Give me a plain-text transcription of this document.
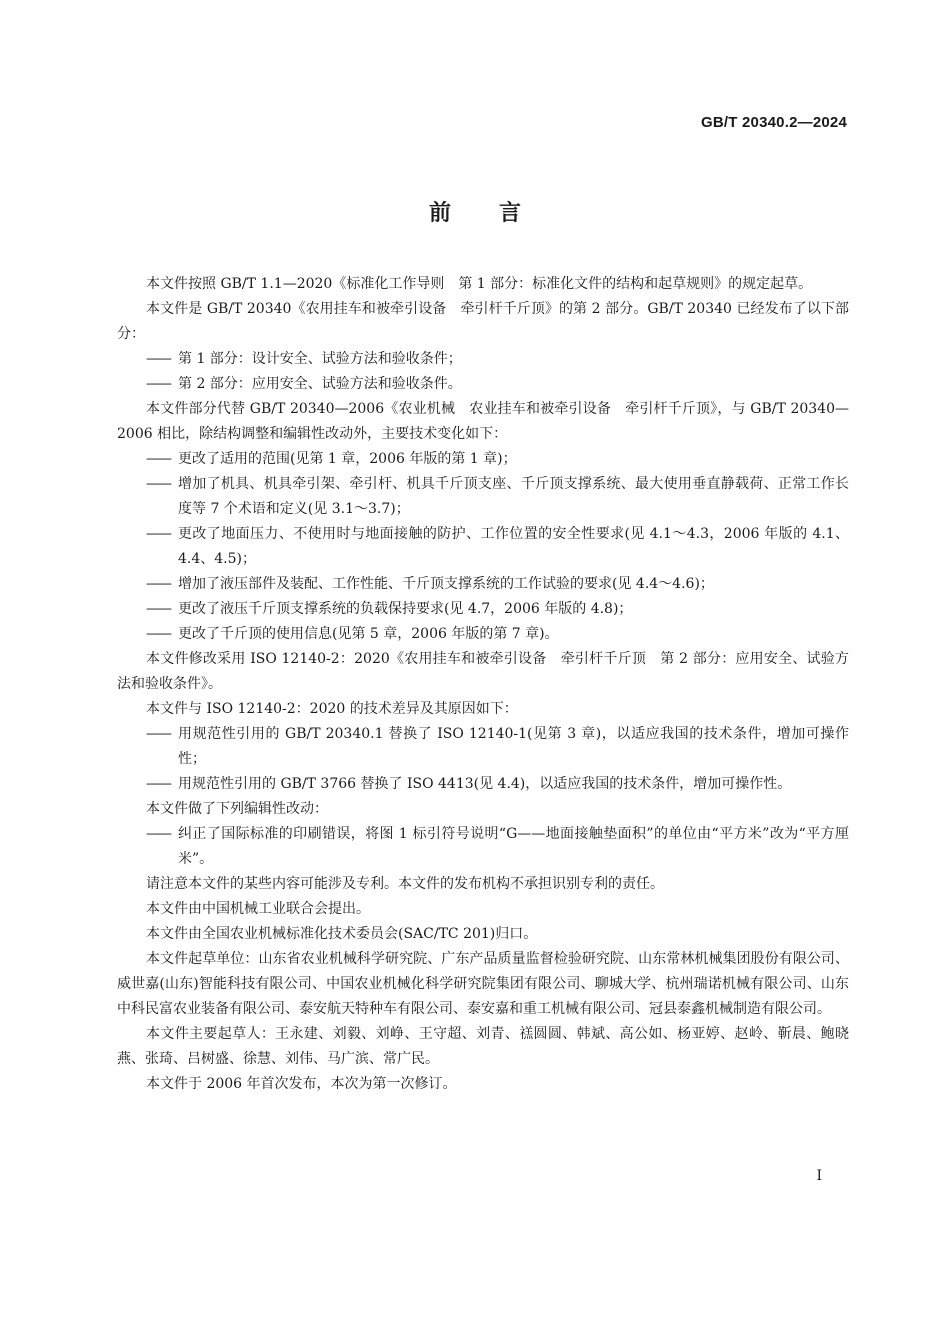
GB/T 20340.2—2024
前言

本文件按照 GB/T 1.1—2020《标准化工作导则　第 1 部分：标准化文件的结构和起草规则》的规定起草。

本文件是 GB/T 20340《农用挂车和被牵引设备　牵引杆千斤顶》的第 2 部分。GB/T 20340 已经发布了以下部分：

—— 第 1 部分：设计安全、试验方法和验收条件；

—— 第 2 部分：应用安全、试验方法和验收条件。

本文件部分代替 GB/T 20340—2006《农业机械　农业挂车和被牵引设备　牵引杆千斤顶》，与 GB/T 20340—2006 相比，除结构调整和编辑性改动外，主要技术变化如下：

—— 更改了适用的范围(见第 1 章，2006 年版的第 1 章)；

—— 增加了机具、机具牵引架、牵引杆、机具千斤顶支座、千斤顶支撑系统、最大使用垂直静载荷、正常工作长度等 7 个术语和定义(见 3.1～3.7)；

—— 更改了地面压力、不使用时与地面接触的防护、工作位置的安全性要求(见 4.1～4.3，2006 年版的 4.1、4.4、4.5)；

—— 增加了液压部件及装配、工作性能、千斤顶支撑系统的工作试验的要求(见 4.4～4.6)；

—— 更改了液压千斤顶支撑系统的负载保持要求(见 4.7，2006 年版的 4.8)；

—— 更改了千斤顶的使用信息(见第 5 章，2006 年版的第 7 章)。

本文件修改采用 ISO 12140-2：2020《农用挂车和被牵引设备　牵引杆千斤顶　第 2 部分：应用安全、试验方法和验收条件》。

本文件与 ISO 12140-2：2020 的技术差异及其原因如下：

—— 用规范性引用的 GB/T 20340.1 替换了 ISO 12140-1(见第 3 章)，以适应我国的技术条件，增加可操作性；

—— 用规范性引用的 GB/T 3766 替换了 ISO 4413(见 4.4)，以适应我国的技术条件，增加可操作性。

本文件做了下列编辑性改动：

—— 纠正了国际标准的印刷错误，将图 1 标引符号说明“G——地面接触垫面积”的单位由“平方米”改为“平方厘米”。

请注意本文件的某些内容可能涉及专利。本文件的发布机构不承担识别专利的责任。

本文件由中国机械工业联合会提出。

本文件由全国农业机械标准化技术委员会(SAC/TC 201)归口。

本文件起草单位：山东省农业机械科学研究院、广东产品质量监督检验研究院、山东常林机械集团股份有限公司、威世嘉(山东)智能科技有限公司、中国农业机械化科学研究院集团有限公司、聊城大学、杭州瑞诺机械有限公司、山东中科民富农业装备有限公司、泰安航天特种车有限公司、泰安嘉和重工机械有限公司、冠县泰鑫机械制造有限公司。

本文件主要起草人：王永建、刘毅、刘峥、王守超、刘青、禚圆圆、韩斌、高公如、杨亚婷、赵岭、靳晨、鲍晓燕、张琦、吕树盛、徐慧、刘伟、马广滨、常广民。

本文件于 2006 年首次发布，本次为第一次修订。

I
